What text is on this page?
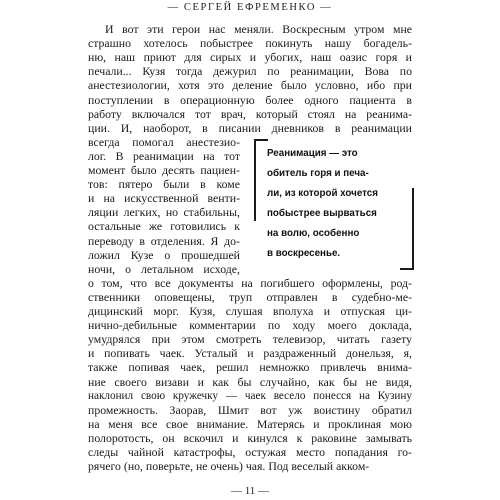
— СЕРГЕЙ ЕФРЕМЕНКО —
И вот эти герои нас меняли. Воскресным утром мне
страшно хотелось побыстрее покинуть нашу богадель-
ню, наш приют для сирых и убогих, наш оазис горя и
печали... Кузя тогда дежурил по реанимации, Вова по
анестезиологии, хотя это деление было условно, ибо при
поступлении в операционную более одного пациента в
работу включался тот врач, который стоял на реанима-
ции. И, наоборот, в писании дневников в реанимации
всегда помогал анестезио-
лог. В реанимации на тот
момент было десять пациен-
тов: пятеро были в коме
и на искусственной венти-
ляции легких, но стабильны,
остальные же готовились к
переводу в отделения. Я до-
ложил Кузе о прошедшей
ночи, о летальном исходе,
о том, что все документы на погибшего оформлены, род-
ственники оповещены, труп отправлен в судебно-ме-
дицинский морг. Кузя, слушая вполуха и отпуская ци-
нично-дебильные комментарии по ходу моего доклада,
умудрялся при этом смотреть телевизор, читать газету
и попивать чаек. Усталый и раздраженный донельзя, я,
также попивая чаек, решил немножко привлечь внима-
ние своего визави и как бы случайно, как бы не видя,
наклонил свою кружечку — чаек весело понесся на Кузину
промежность. Заорав, Шмит вот уж воистину обратил
на меня все свое внимание. Матерясь и проклиная мою
полоротость, он вскочил и кинулся к раковине замывать
следы чайной катастрофы, остужая место попадания го-
рячего (но, поверьте, не очень) чая. Под веселый акком-
Реанимация — это
обитель горя и печа-
ли, из которой хочется
побыстрее вырваться
на волю, особенно
в воскресенье.
— 11 —
